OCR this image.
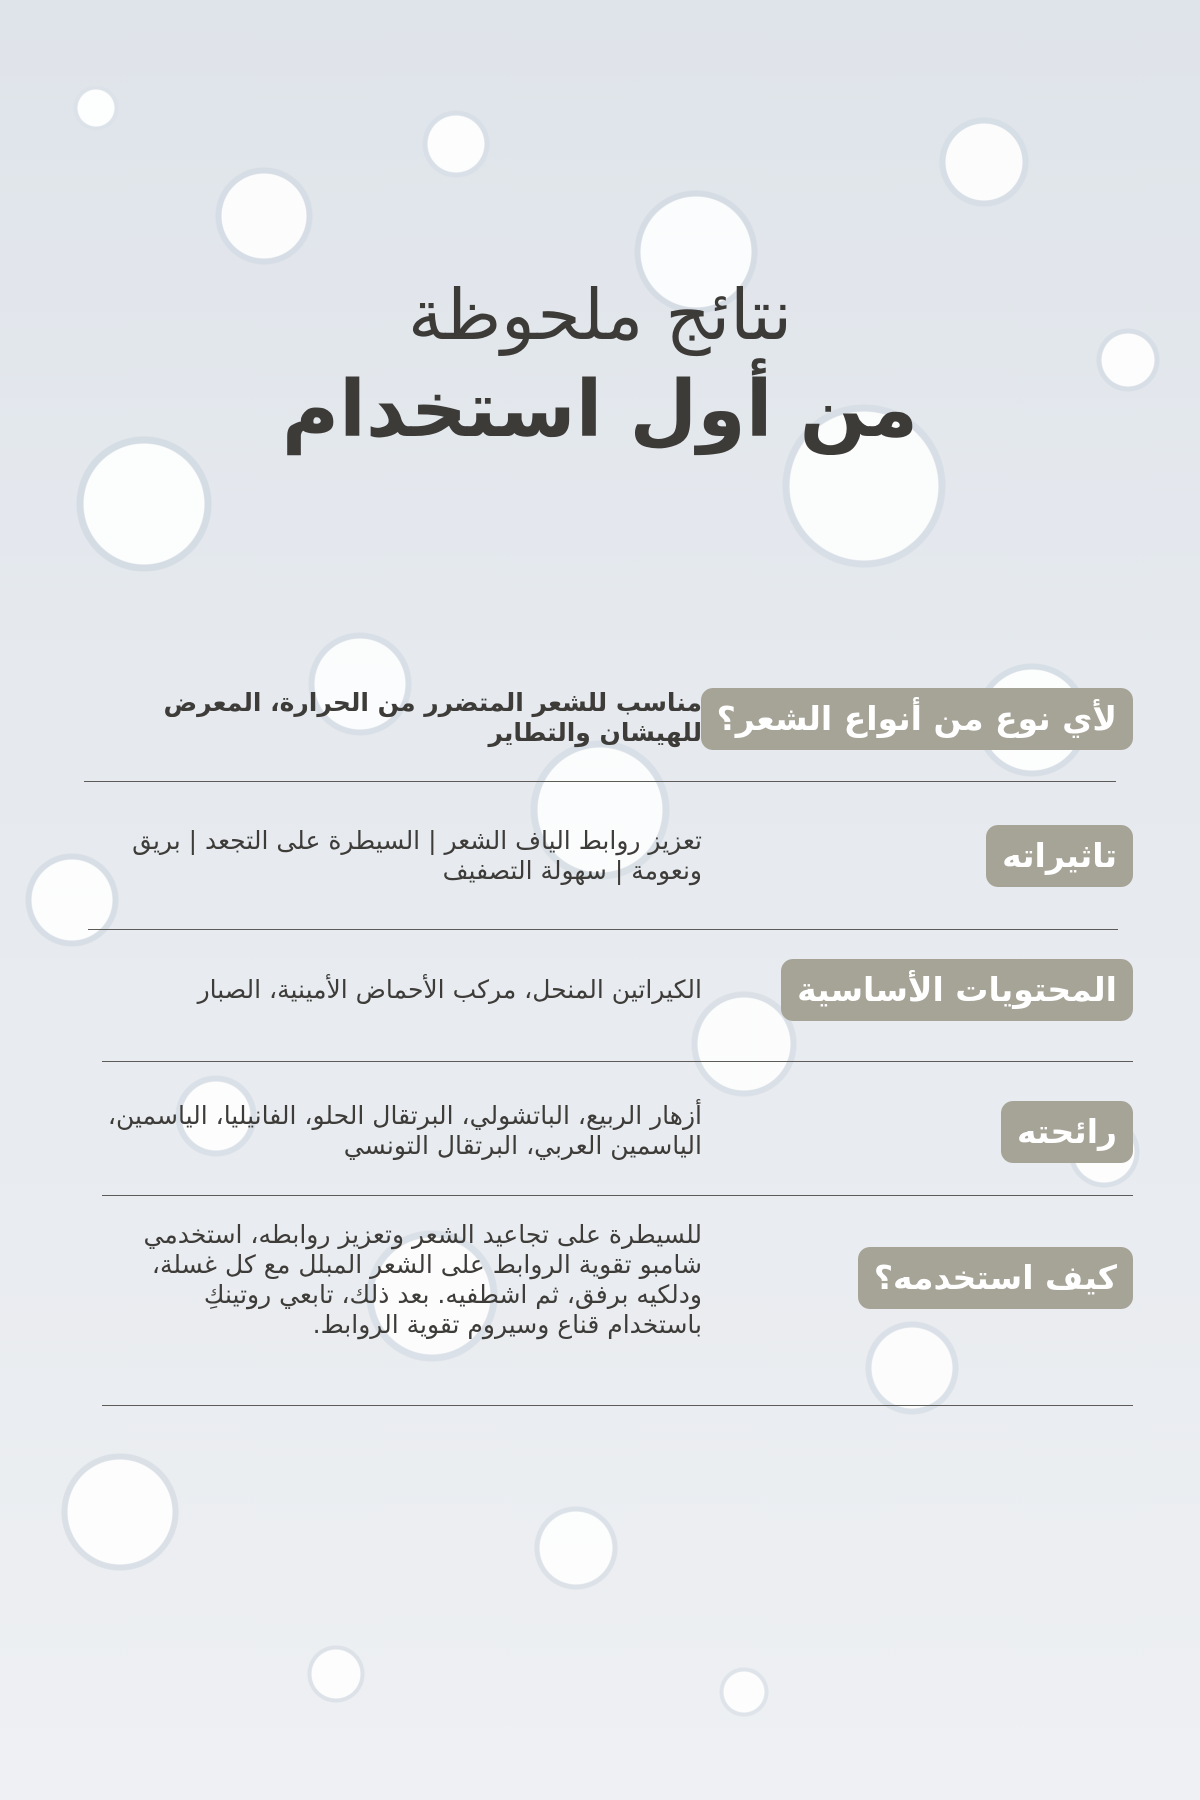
نتائج ملحوظة
من أول استخدام
لأي نوع من أنواع الشعر؟
مناسب للشعر المتضرر من الحرارة، المعرض للهيشان والتطاير
تاثيراته
تعزيز روابط الياف الشعر | السيطرة على التجعد | بريق ونعومة | سهولة التصفيف
المحتويات الأساسية
الكيراتين المنحل، مركب الأحماض الأمينية، الصبار
رائحته
أزهار الربيع، الباتشولي، البرتقال الحلو، الفانيليا، الياسمين، الياسمين العربي، البرتقال التونسي
كيف استخدمه؟
للسيطرة على تجاعيد الشعر وتعزيز روابطه، استخدمي شامبو تقوية الروابط على الشعر المبلل مع كل غسلة، ودلكيه برفق، ثم اشطفيه. بعد ذلك، تابعي روتينكِ باستخدام قناع وسيروم تقوية الروابط.
